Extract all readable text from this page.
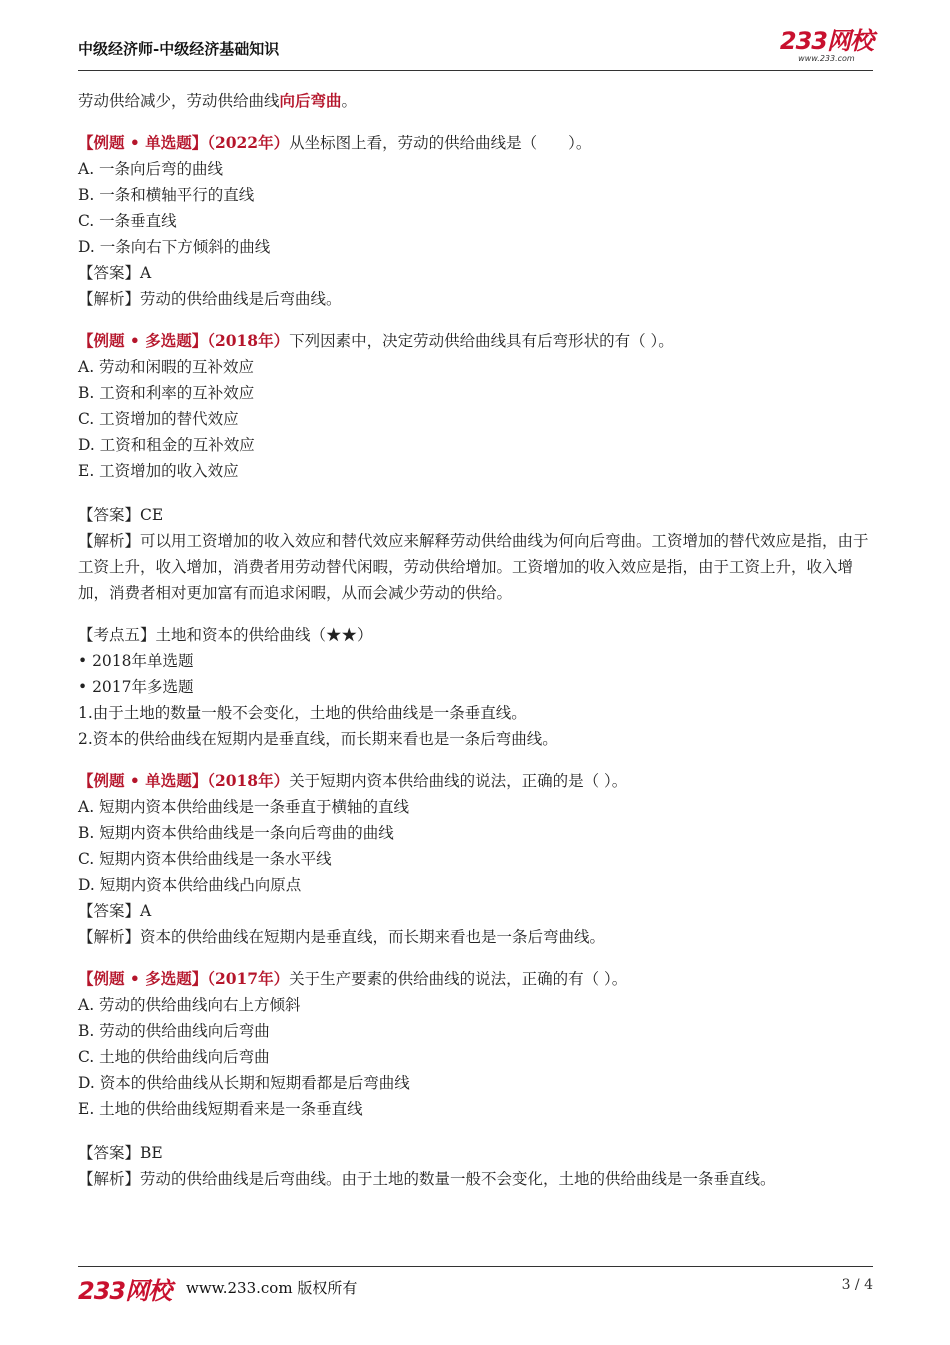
中级经济师-中级经济基础知识	233网校
www.233.com
劳动供给减少，劳动供给曲线向后弯曲。
【例题 • 单选题】（2022年）从坐标图上看，劳动的供给曲线是（　　）。
A. 一条向后弯的曲线
B. 一条和横轴平行的直线
C. 一条垂直线
D. 一条向右下方倾斜的曲线
【答案】A
【解析】劳动的供给曲线是后弯曲线。
【例题 • 多选题】（2018年）下列因素中，决定劳动供给曲线具有后弯形状的有（ ）。
A. 劳动和闲暇的互补效应
B. 工资和利率的互补效应
C. 工资增加的替代效应
D. 工资和租金的互补效应
E. 工资增加的收入效应
【答案】CE
【解析】可以用工资增加的收入效应和替代效应来解释劳动供给曲线为何向后弯曲。工资增加的替代效应是指，由于工资上升，收入增加，消费者用劳动替代闲暇，劳动供给增加。工资增加的收入效应是指，由于工资上升，收入增加，消费者相对更加富有而追求闲暇，从而会减少劳动的供给。
【考点五】土地和资本的供给曲线（★★）
• 2018年单选题
• 2017年多选题
1.由于土地的数量一般不会变化，土地的供给曲线是一条垂直线。
2.资本的供给曲线在短期内是垂直线，而长期来看也是一条后弯曲线。
【例题 • 单选题】（2018年）关于短期内资本供给曲线的说法，正确的是（ ）。
A. 短期内资本供给曲线是一条垂直于横轴的直线
B. 短期内资本供给曲线是一条向后弯曲的曲线
C. 短期内资本供给曲线是一条水平线
D. 短期内资本供给曲线凸向原点
【答案】A
【解析】资本的供给曲线在短期内是垂直线，而长期来看也是一条后弯曲线。
【例题 • 多选题】（2017年）关于生产要素的供给曲线的说法，正确的有（ ）。
A. 劳动的供给曲线向右上方倾斜
B. 劳动的供给曲线向后弯曲
C. 土地的供给曲线向后弯曲
D. 资本的供给曲线从长期和短期看都是后弯曲线
E. 土地的供给曲线短期看来是一条垂直线
【答案】BE
【解析】劳动的供给曲线是后弯曲线。由于土地的数量一般不会变化，土地的供给曲线是一条垂直线。
233网校 www.233.com 版权所有	3 / 4
